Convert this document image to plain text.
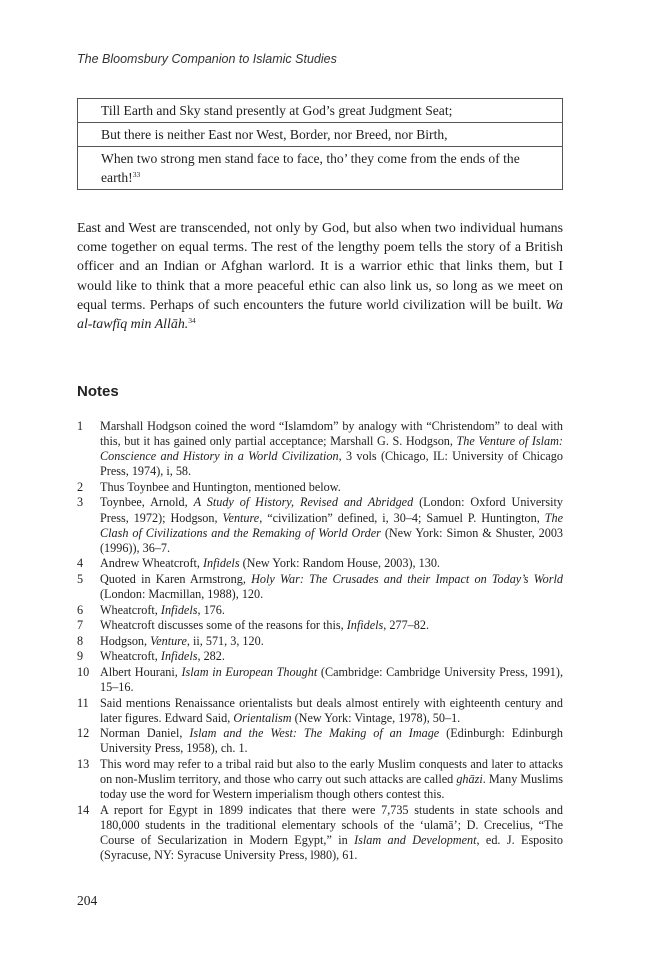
The Bloomsbury Companion to Islamic Studies
Till Earth and Sky stand presently at God’s great Judgment Seat;
But there is neither East nor West, Border, nor Breed, nor Birth,
When two strong men stand face to face, tho’ they come from the ends of the earth!$^{33}$

East and West are transcended, not only by God, but also when two individual humans come together on equal terms. The rest of the lengthy poem tells the story of a British officer and an Indian or Afghan warlord. It is a warrior ethic that links them, but I would like to think that a more peaceful ethic can also link us, so long as we meet on equal terms. Perhaps of such encounters the future world civilization will be built. Wa al-tawfīq min Allāh.$^{34}$

Notes
1	Marshall Hodgson coined the word “Islamdom” by analogy with “Christendom” to deal with this, but it has gained only partial acceptance; Marshall G. S. Hodgson, The Venture of Islam: Conscience and History in a World Civilization, 3 vols (Chicago, IL: University of Chicago Press, 1974), i, 58.
2	Thus Toynbee and Huntington, mentioned below.
3	Toynbee, Arnold, A Study of History, Revised and Abridged (London: Oxford University Press, 1972); Hodgson, Venture, “civilization” defined, i, 30–4; Samuel P. Huntington, The Clash of Civilizations and the Remaking of World Order (New York: Simon & Shuster, 2003 (1996)), 36–7.
4	Andrew Wheatcroft, Infidels (New York: Random House, 2003), 130.
5	Quoted in Karen Armstrong, Holy War: The Crusades and their Impact on Today’s World (London: Macmillan, 1988), 120.
6	Wheatcroft, Infidels, 176.
7	Wheatcroft discusses some of the reasons for this, Infidels, 277–82.
8	Hodgson, Venture, ii, 571, 3, 120.
9	Wheatcroft, Infidels, 282.
10 Albert Hourani, Islam in European Thought (Cambridge: Cambridge University Press, 1991), 15–16.
11 Said mentions Renaissance orientalists but deals almost entirely with eighteenth century and later figures. Edward Said, Orientalism (New York: Vintage, 1978), 50–1.
12 Norman Daniel, Islam and the West: The Making of an Image (Edinburgh: Edinburgh University Press, 1958), ch. 1.
13 This word may refer to a tribal raid but also to the early Muslim conquests and later to attacks on non-Muslim territory, and those who carry out such attacks are called ghāzi. Many Muslims today use the word for Western imperialism though others contest this.
14 A report for Egypt in 1899 indicates that there were 7,735 students in state schools and 180,000 students in the traditional elementary schools of the ‘ulamā’; D. Crecelius, “The Course of Secularization in Modern Egypt,” in Islam and Development, ed. J. Esposito (Syracuse, NY: Syracuse University Press, l980), 61.
204
